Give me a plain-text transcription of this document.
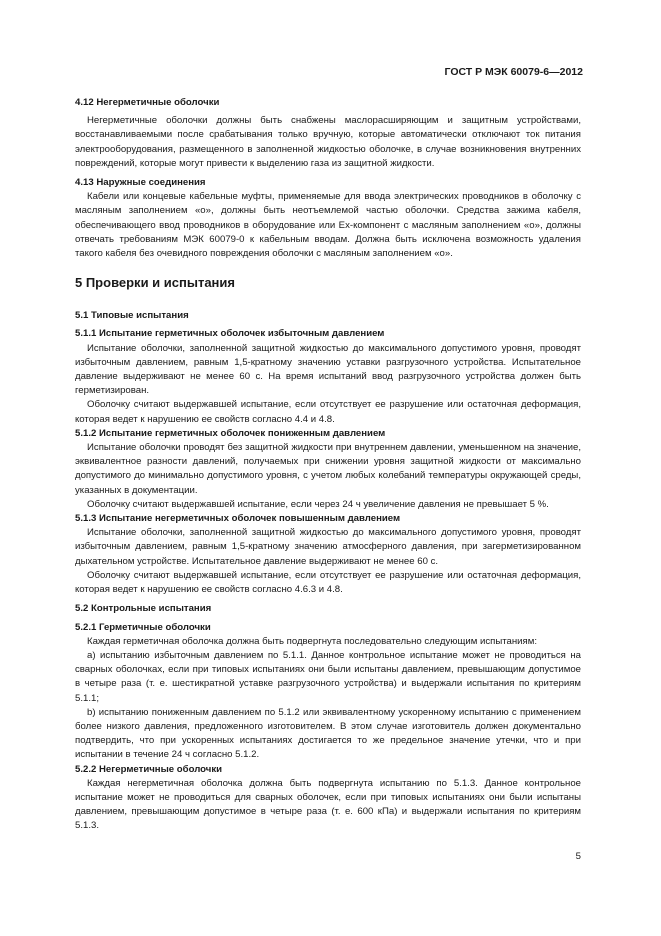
ГОСТ Р МЭК 60079-6—2012
4.12 Негерметичные оболочки
Негерметичные оболочки должны быть снабжены маслорасширяющим и защитным устройствами, восстанавливаемыми после срабатывания только вручную, которые автоматически отключают ток питания электрооборудования, размещенного в заполненной жидкостью оболочке, в случае возникновения внутренних повреждений, которые могут привести к выделению газа из защитной жидкости.
4.13 Наружные соединения
Кабели или концевые кабельные муфты, применяемые для ввода электрических проводников в оболочку с масляным заполнением «о», должны быть неотъемлемой частью оболочки. Средства зажима кабеля, обеспечивающего ввод проводников в оборудование или Ex-компонент с масляным заполнением «о», должны отвечать требованиям МЭК 60079-0 к кабельным вводам. Должна быть исключена возможность удаления такого кабеля без очевидного повреждения оболочки с масляным заполнением «о».
5 Проверки и испытания
5.1 Типовые испытания
5.1.1 Испытание герметичных оболочек избыточным давлением
Испытание оболочки, заполненной защитной жидкостью до максимального допустимого уровня, проводят избыточным давлением, равным 1,5-кратному значению уставки разгрузочного устройства. Испытательное давление выдерживают не менее 60 с. На время испытаний ввод разгрузочного устройства должен быть герметизирован.
Оболочку считают выдержавшей испытание, если отсутствует ее разрушение или остаточная деформация, которая ведет к нарушению ее свойств согласно 4.4 и 4.8.
5.1.2 Испытание герметичных оболочек пониженным давлением
Испытание оболочки проводят без защитной жидкости при внутреннем давлении, уменьшенном на значение, эквивалентное разности давлений, получаемых при снижении уровня защитной жидкости от максимально допустимого до минимально допустимого уровня, с учетом любых колебаний температуры окружающей среды, указанных в документации.
Оболочку считают выдержавшей испытание, если через 24 ч увеличение давления не превышает 5 %.
5.1.3 Испытание негерметичных оболочек повышенным давлением
Испытание оболочки, заполненной защитной жидкостью до максимального допустимого уровня, проводят избыточным давлением, равным 1,5-кратному значению атмосферного давления, при загерметизированном дыхательном устройстве. Испытательное давление выдерживают не менее 60 с.
Оболочку считают выдержавшей испытание, если отсутствует ее разрушение или остаточная деформация, которая ведет к нарушению ее свойств согласно 4.6.3 и 4.8.
5.2 Контрольные испытания
5.2.1 Герметичные оболочки
Каждая герметичная оболочка должна быть подвергнута последовательно следующим испытаниям:
a) испытанию избыточным давлением по 5.1.1. Данное контрольное испытание может не проводиться на сварных оболочках, если при типовых испытаниях они были испытаны давлением, превышающим допустимое в четыре раза (т. е. шестикратной уставке разгрузочного устройства) и выдержали испытания по критериям 5.1.1;
b) испытанию пониженным давлением по 5.1.2 или эквивалентному ускоренному испытанию с применением более низкого давления, предложенного изготовителем. В этом случае изготовитель должен документально подтвердить, что при ускоренных испытаниях достигается то же предельное значение утечки, что и при испытании в течение 24 ч согласно 5.1.2.
5.2.2 Негерметичные оболочки
Каждая негерметичная оболочка должна быть подвергнута испытанию по 5.1.3. Данное контрольное испытание может не проводиться для сварных оболочек, если при типовых испытаниях они были испытаны давлением, превышающим допустимое в четыре раза (т. е. 600 кПа) и выдержали испытания по критериям 5.1.3.
5
